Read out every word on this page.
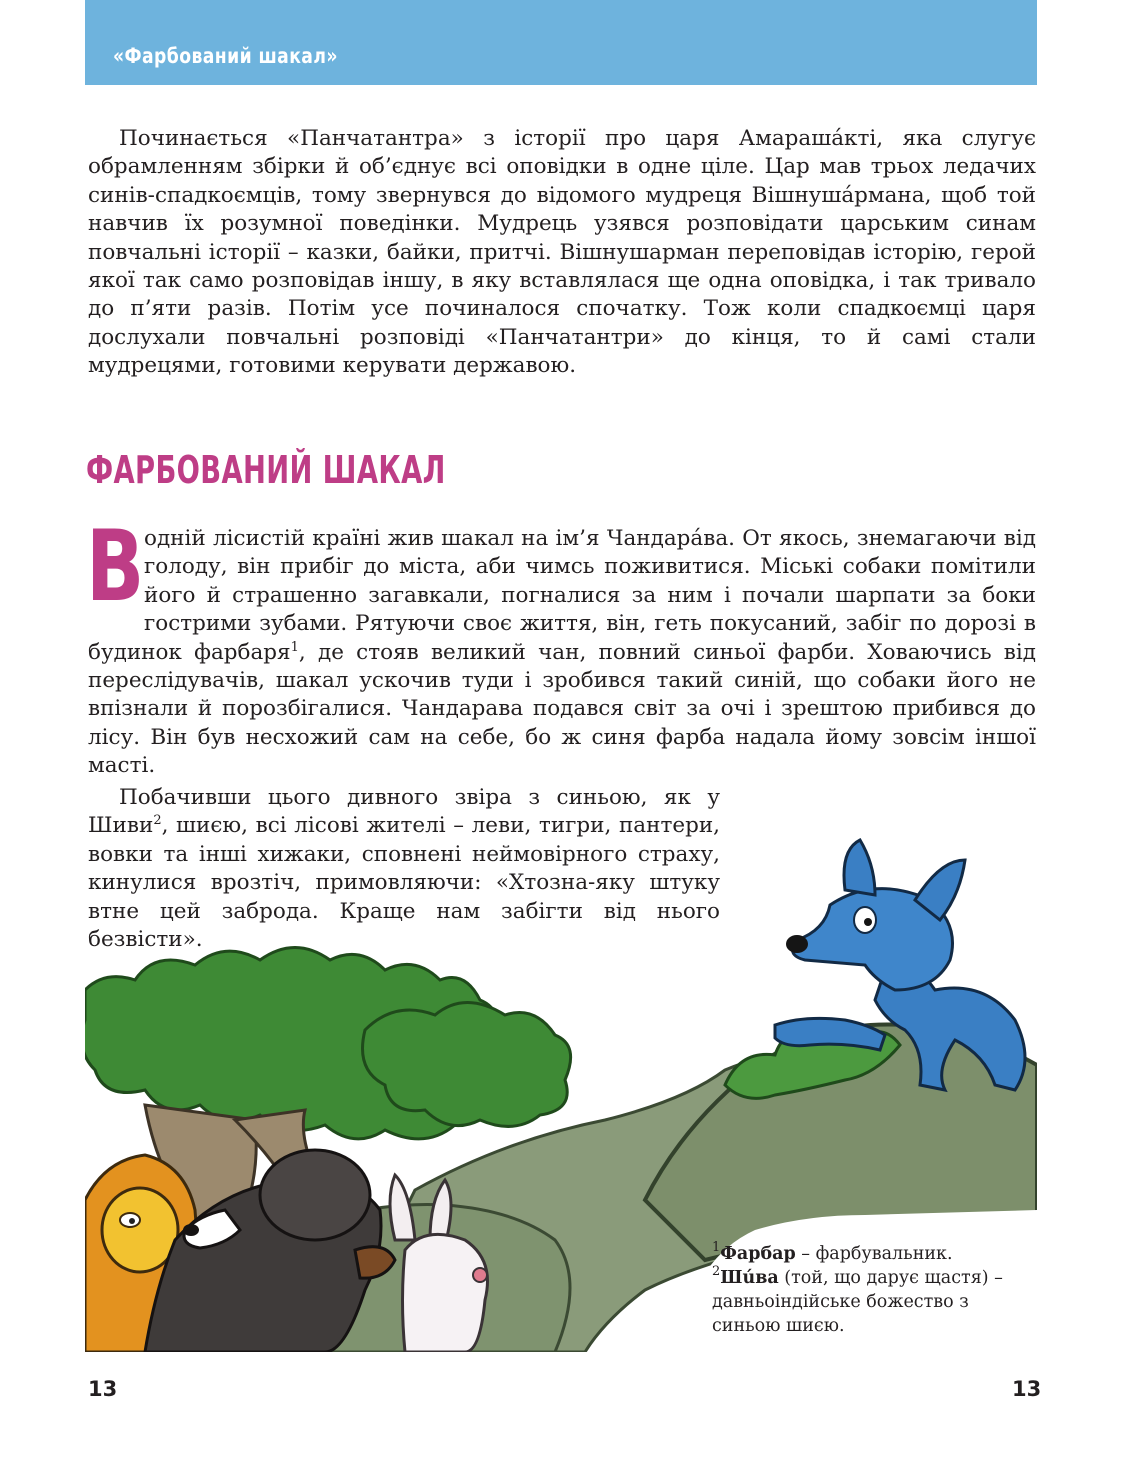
«Фарбований шакал»
Починається «Панчатантра» з історії про царя Амарашáкті, яка слугує обрамленням збірки й об’єднує всі оповідки в одне ціле. Цар мав трьох ледачих синів-спадкоємців, тому звернувся до відомого мудреця Вішнушáрмана, щоб той навчив їх розумної поведінки. Мудрець узявся розповідати царським синам повчальні історії – казки, байки, притчі. Вішнушарман переповідав історію, герой якої так само розповідав іншу, в яку вставлялася ще одна оповідка, і так тривало до п’яти разів. Потім усе починалося спочатку. Тож коли спадкоємці царя дослухали повчальні розповіді «Панчатантри» до кінця, то й самі стали мудрецями, готовими керувати державою.
ФАРБОВАНИЙ ШАКАЛ
В одній лісистій країні жив шакал на ім’я Чандарáва. От якось, знемагаючи від голоду, він прибіг до міста, аби чимсь поживитися. Міські собаки помітили його й страшенно загавкали, погналися за ним і почали шарпати за боки гострими зубами. Рятуючи своє життя, він, геть покусаний, забіг по дорозі в будинок фарбаря$^1$, де стояв великий чан, повний синьої фарби. Ховаючись від переслідувачів, шакал ускочив туди і зробився такий синій, що собаки його не впізнали й порозбігалися. Чандарава подався світ за очі і зрештою прибився до лісу. Він був несхожий сам на себе, бо ж синя фарба надала йому зовсім іншої масті.
Побачивши цього дивного звіра з синьою, як у Шиви$^2$, шиєю, всі лісові жителі – леви, тигри, пантери, вовки та інші хижаки, сповнені неймовірного страху, кинулися врозтіч, примовляючи: «Хтозна-яку штуку втне цей заброда. Краще нам забігти від нього безвісти».
$^1$Фарбар – фарбувальник.
$^2$Шúва (той, що дарує щастя) – давньоіндійське божество з синьою шиєю.
13	13
